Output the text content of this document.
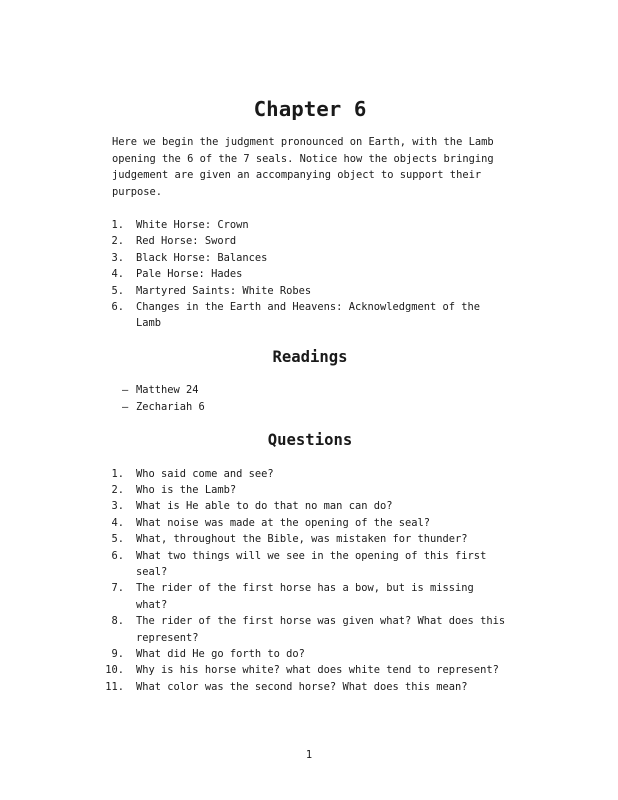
Chapter 6

Here we begin the judgment pronounced on Earth, with the Lamb opening the 6 of the 7 seals. Notice how the objects bringing judgement are given an accompanying object to support their purpose.

1. White Horse: Crown
2. Red Horse: Sword
3. Black Horse: Balances
4. Pale Horse: Hades
5. Martyred Saints: White Robes
6. Changes in the Earth and Heavens: Acknowledgment of the Lamb
Readings
– Matthew 24
– Zechariah 6
Questions
1. Who said come and see?
2. Who is the Lamb?
3. What is He able to do that no man can do?
4. What noise was made at the opening of the seal?
5. What, throughout the Bible, was mistaken for thunder?
6. What two things will we see in the opening of this first seal?
7. The rider of the first horse has a bow, but is missing what?
8. The rider of the first horse was given what? What does this represent?
9. What did He go forth to do?
10. Why is his horse white? what does white tend to represent?
11. What color was the second horse? What does this mean?
1
